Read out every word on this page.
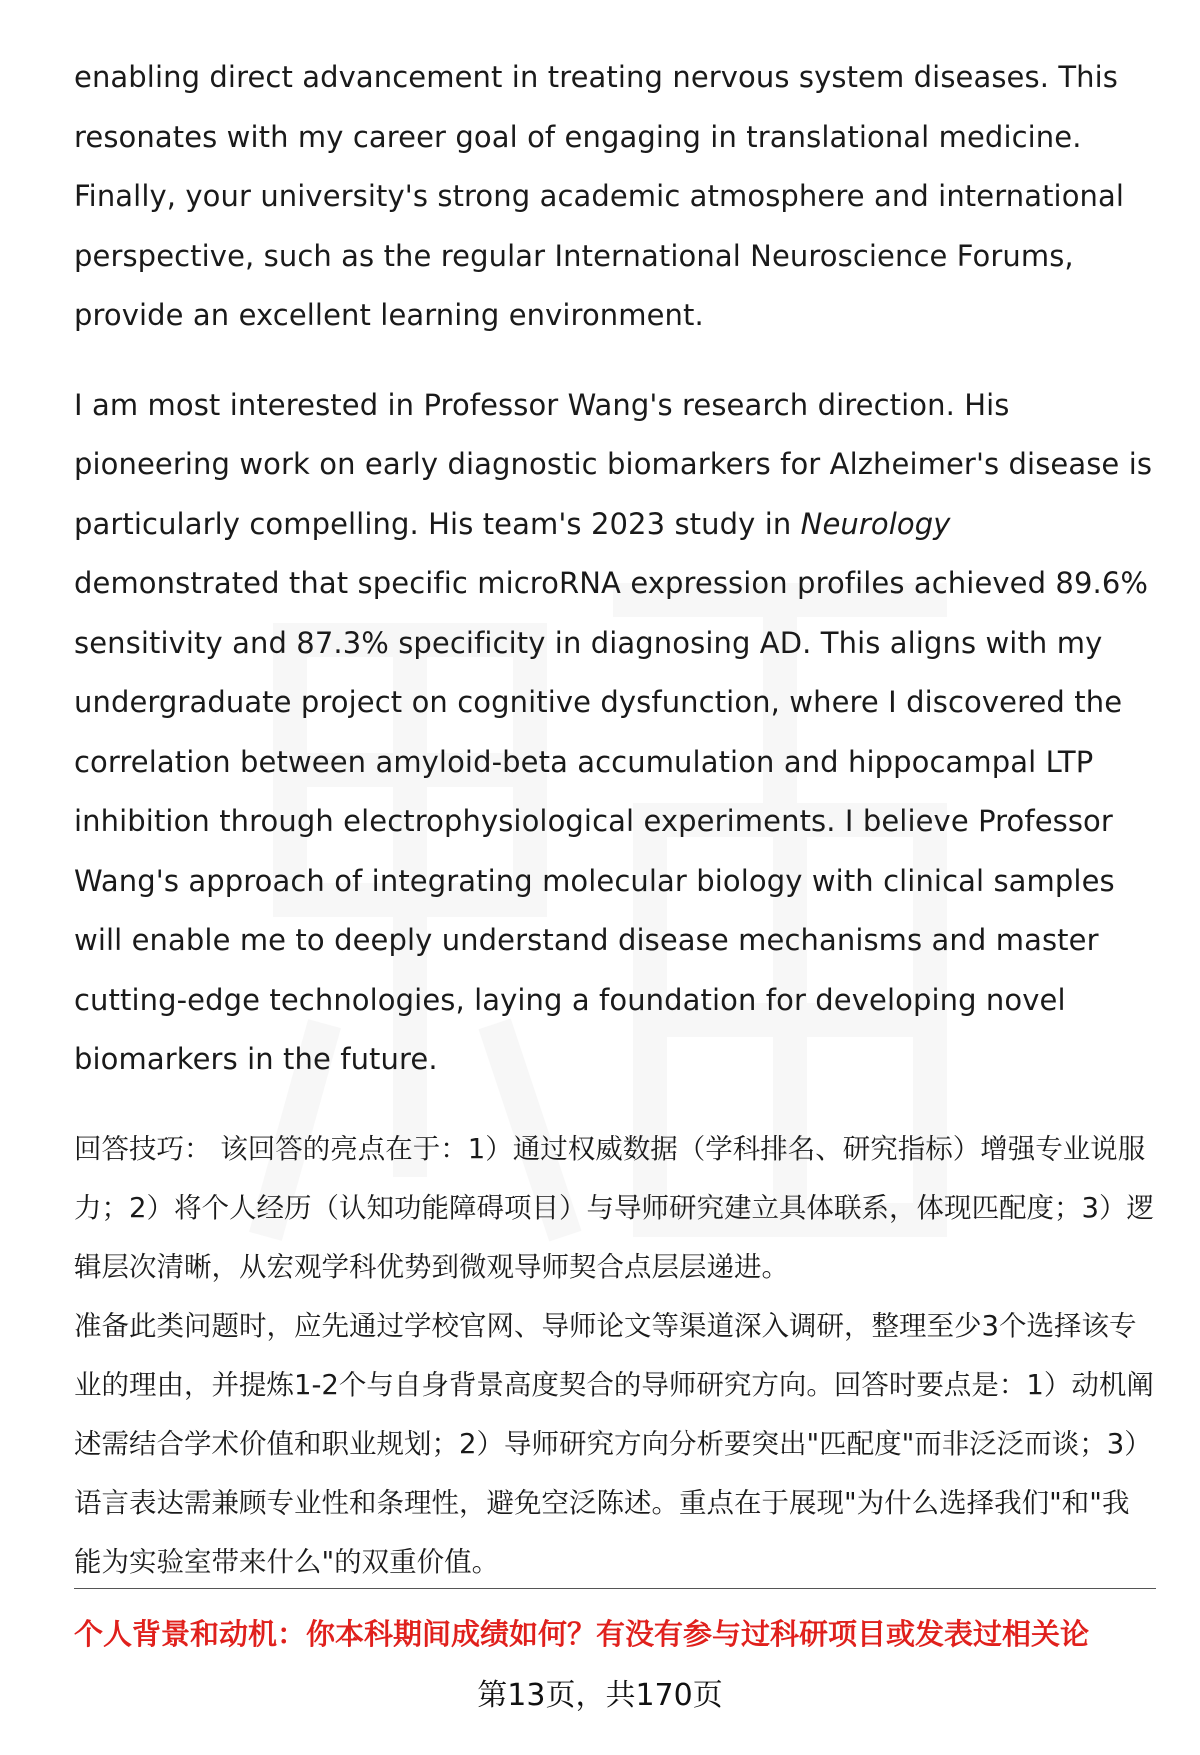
enabling direct advancement in treating nervous system diseases. This resonates with my career goal of engaging in translational medicine. Finally, your university's strong academic atmosphere and international perspective, such as the regular International Neuroscience Forums, provide an excellent learning environment.

I am most interested in Professor Wang's research direction. His pioneering work on early diagnostic biomarkers for Alzheimer's disease is particularly compelling. His team's 2023 study in Neurology demonstrated that specific microRNA expression profiles achieved 89.6% sensitivity and 87.3% specificity in diagnosing AD. This aligns with my undergraduate project on cognitive dysfunction, where I discovered the correlation between amyloid-beta accumulation and hippocampal LTP inhibition through electrophysiological experiments. I believe Professor Wang's approach of integrating molecular biology with clinical samples will enable me to deeply understand disease mechanisms and master cutting-edge technologies, laying a foundation for developing novel biomarkers in the future.

回答技巧： 该回答的亮点在于：1）通过权威数据（学科排名、研究指标）增强专业说服力；2）将个人经历（认知功能障碍项目）与导师研究建立具体联系，体现匹配度；3）逻辑层次清晰，从宏观学科优势到微观导师契合点层层递进。

准备此类问题时，应先通过学校官网、导师论文等渠道深入调研，整理至少3个选择该专业的理由，并提炼1-2个与自身背景高度契合的导师研究方向。回答时要点是：1）动机阐述需结合学术价值和职业规划；2）导师研究方向分析要突出"匹配度"而非泛泛而谈；3）语言表达需兼顾专业性和条理性，避免空泛陈述。重点在于展现"为什么选择我们"和"我能为实验室带来什么"的双重价值。

个人背景和动机：你本科期间成绩如何？有没有参与过科研项目或发表过相关论
第13页，共170页
